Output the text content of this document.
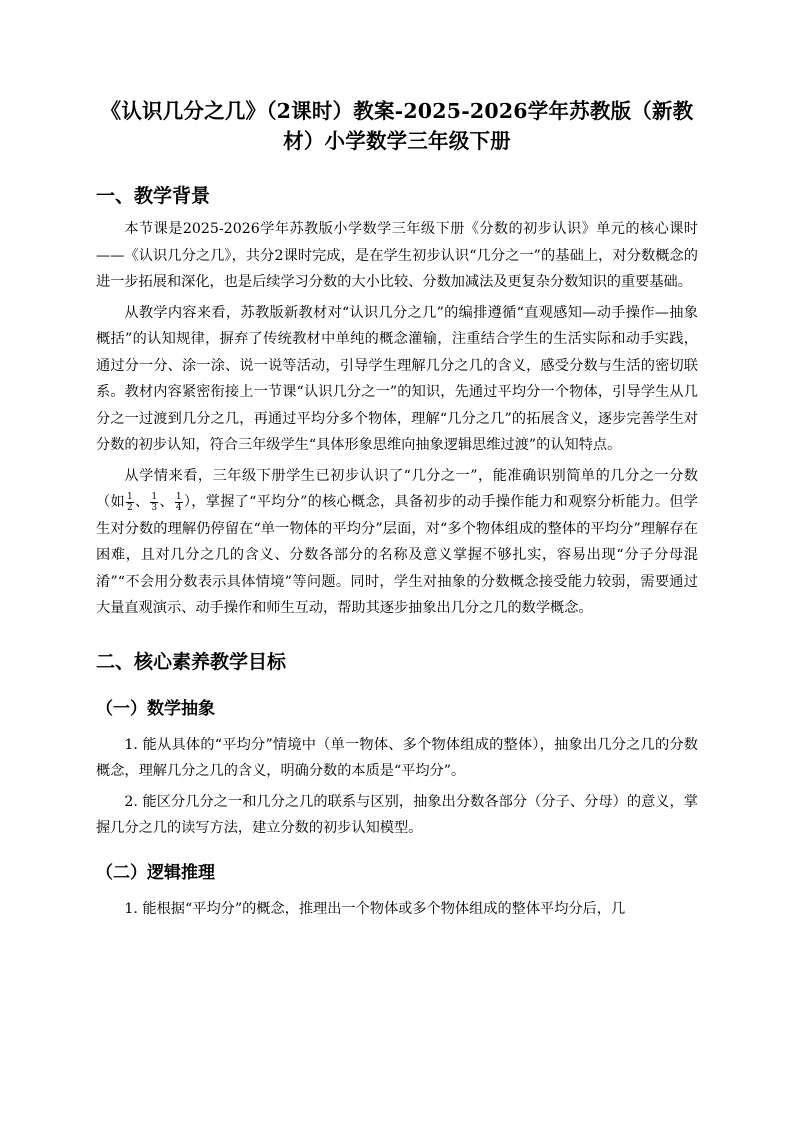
《认识几分之几》（2课时）教案-2025-2026学年苏教版（新教材）小学数学三年级下册
一、教学背景

本节课是2025-2026学年苏教版小学数学三年级下册《分数的初步认识》单元的核心课时——《认识几分之几》，共分2课时完成，是在学生初步认识“几分之一”的基础上，对分数概念的进一步拓展和深化，也是后续学习分数的大小比较、分数加减法及更复杂分数知识的重要基础。

从教学内容来看，苏教版新教材对“认识几分之几”的编排遵循“直观感知—动手操作—抽象概括”的认知规律，摒弃了传统教材中单纯的概念灌输，注重结合学生的生活实际和动手实践，通过分一分、涂一涂、说一说等活动，引导学生理解几分之几的含义，感受分数与生活的密切联系。教材内容紧密衔接上一节课“认识几分之一”的知识，先通过平均分一个物体，引导学生从几分之一过渡到几分之几，再通过平均分多个物体，理解“几分之几”的拓展含义，逐步完善学生对分数的初步认知，符合三年级学生“具体形象思维向抽象逻辑思维过渡”的认知特点。

从学情来看，三年级下册学生已初步认识了“几分之一”，能准确识别简单的几分之一分数（如 $\frac{1}{2}$ 、 $\frac{1}{3}$ 、 $\frac{1}{4}$ ），掌握了“平均分”的核心概念，具备初步的动手操作能力和观察分析能力。但学生对分数的理解仍停留在“单一物体的平均分”层面，对“多个物体组成的整体的平均分”理解存在困难，且对几分之几的含义、分数各部分的名称及意义掌握不够扎实，容易出现“分子分母混淆”“不会用分数表示具体情境”等问题。同时，学生对抽象的分数概念接受能力较弱，需要通过大量直观演示、动手操作和师生互动，帮助其逐步抽象出几分之几的数学概念。

二、核心素养教学目标
（一）数学抽象

1. 能从具体的“平均分”情境中（单一物体、多个物体组成的整体），抽象出几分之几的分数概念，理解几分之几的含义，明确分数的本质是“平均分”。

2. 能区分几分之一和几分之几的联系与区别，抽象出分数各部分（分子、分母）的意义，掌握几分之几的读写方法，建立分数的初步认知模型。

（二）逻辑推理

1. 能根据“平均分”的概念，推理出一个物体或多个物体组成的整体平均分后，几
